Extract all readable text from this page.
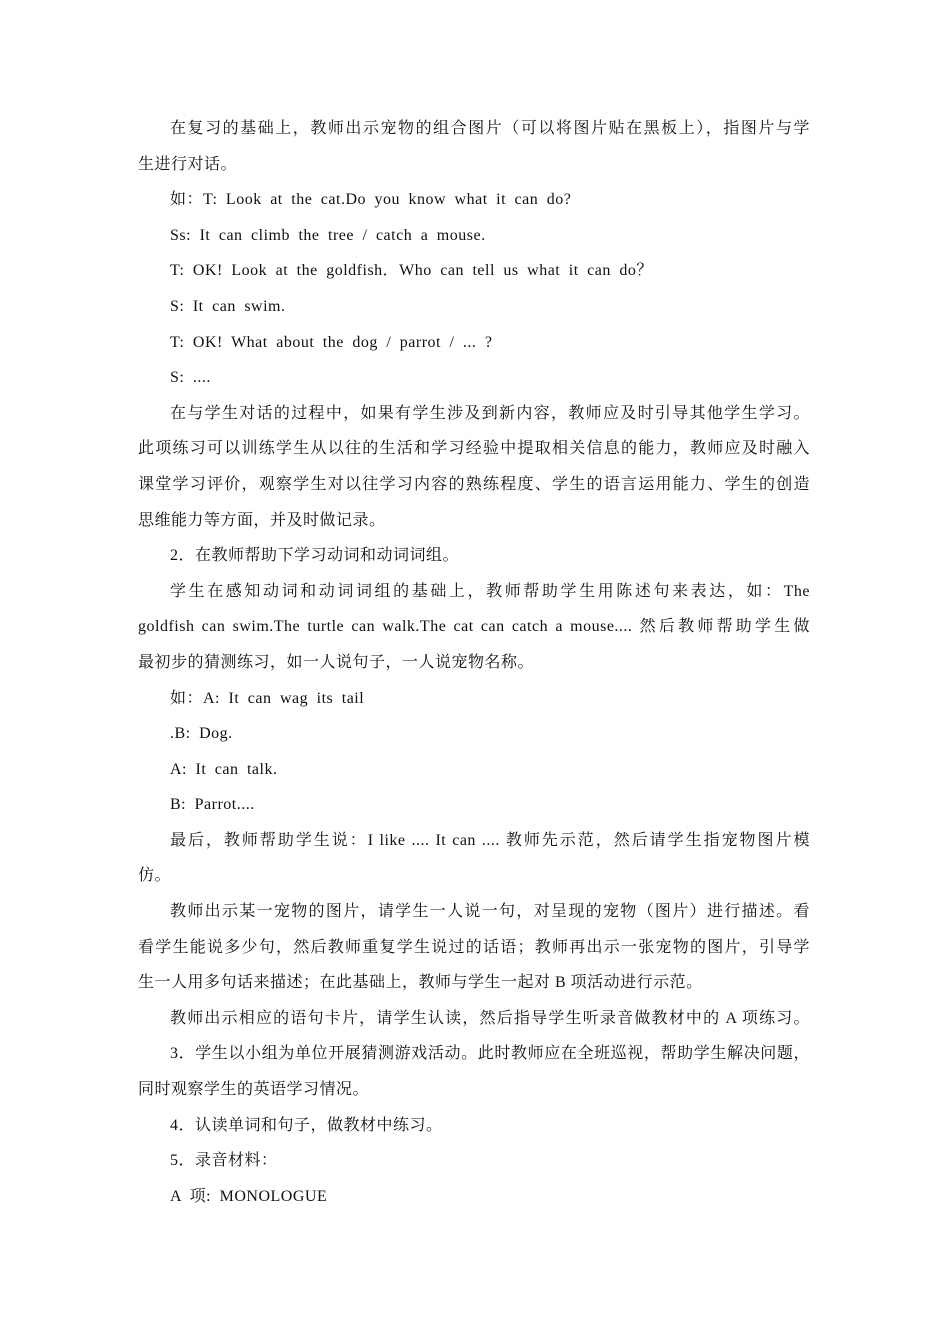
在复习的基础上，教师出示宠物的组合图片（可以将图片贴在黑板上），指图片与学
生进行对话。
如：T: Look at the cat.Do you know what it can do?
Ss: It can climb the tree / catch a mouse.
T: OK! Look at the goldfish．Who can tell us what it can do？
S: It can swim.
T: OK! What about the dog / parrot / ... ?
S: ....
在与学生对话的过程中，如果有学生涉及到新内容，教师应及时引导其他学生学习。
此项练习可以训练学生从以往的生活和学习经验中提取相关信息的能力，教师应及时融入
课堂学习评价，观察学生对以往学习内容的熟练程度、学生的语言运用能力、学生的创造
思维能力等方面，并及时做记录。
2．在教师帮助下学习动词和动词词组。
学生在感知动词和动词词组的基础上，教师帮助学生用陈述句来表达，如：The
goldfish can swim.The turtle can walk.The cat can catch a mouse.... 然后教师帮助学生做
最初步的猜测练习，如一人说句子，一人说宠物名称。
如：A: It can wag its tail
.B: Dog.
A: It can talk.
B: Parrot....
最后，教师帮助学生说：I like .... It can .... 教师先示范，然后请学生指宠物图片模
仿。
教师出示某一宠物的图片，请学生一人说一句，对呈现的宠物（图片）进行描述。看
看学生能说多少句，然后教师重复学生说过的话语；教师再出示一张宠物的图片，引导学
生一人用多句话来描述；在此基础上，教师与学生一起对 B 项活动进行示范。
教师出示相应的语句卡片，请学生认读，然后指导学生听录音做教材中的 A 项练习。
3．学生以小组为单位开展猜测游戏活动。此时教师应在全班巡视，帮助学生解决问题，
同时观察学生的英语学习情况。
4．认读单词和句子，做教材中练习。
5．录音材料：
A 项: MONOLOGUE
